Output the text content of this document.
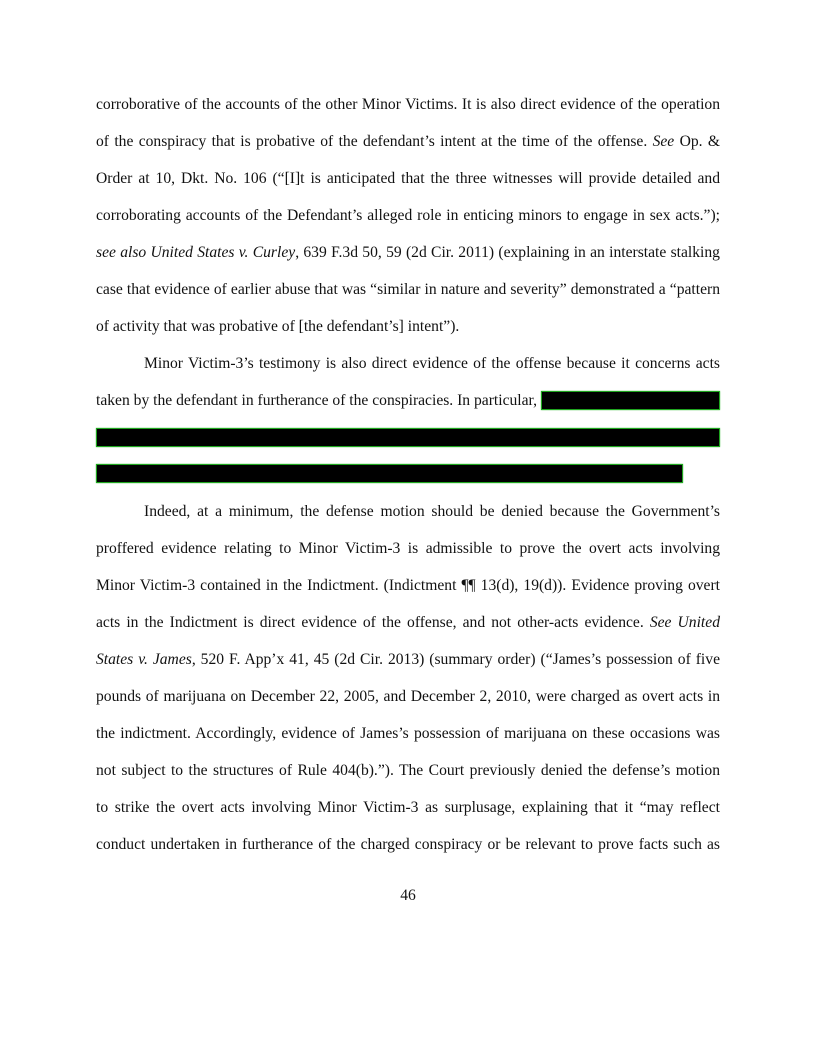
corroborative of the accounts of the other Minor Victims. It is also direct evidence of the operation
of the conspiracy that is probative of the defendant’s intent at the time of the offense. See Op. &
Order at 10, Dkt. No. 106 (“[I]t is anticipated that the three witnesses will provide detailed and
corroborating accounts of the Defendant’s alleged role in enticing minors to engage in sex acts.”);
see also United States v. Curley, 639 F.3d 50, 59 (2d Cir. 2011) (explaining in an interstate stalking
case that evidence of earlier abuse that was “similar in nature and severity” demonstrated a “pattern
of activity that was probative of [the defendant’s] intent”).
Minor Victim-3’s testimony is also direct evidence of the offense because it concerns acts
taken by the defendant in furtherance of the conspiracies. In particular,
Indeed, at a minimum, the defense motion should be denied because the Government’s
proffered evidence relating to Minor Victim-3 is admissible to prove the overt acts involving
Minor Victim-3 contained in the Indictment. (Indictment ¶¶ 13(d), 19(d)). Evidence proving overt
acts in the Indictment is direct evidence of the offense, and not other-acts evidence. See United
States v. James, 520 F. App’x 41, 45 (2d Cir. 2013) (summary order) (“James’s possession of five
pounds of marijuana on December 22, 2005, and December 2, 2010, were charged as overt acts in
the indictment. Accordingly, evidence of James’s possession of marijuana on these occasions was
not subject to the structures of Rule 404(b).”). The Court previously denied the defense’s motion
to strike the overt acts involving Minor Victim-3 as surplusage, explaining that it “may reflect
conduct undertaken in furtherance of the charged conspiracy or be relevant to prove facts such as
46
